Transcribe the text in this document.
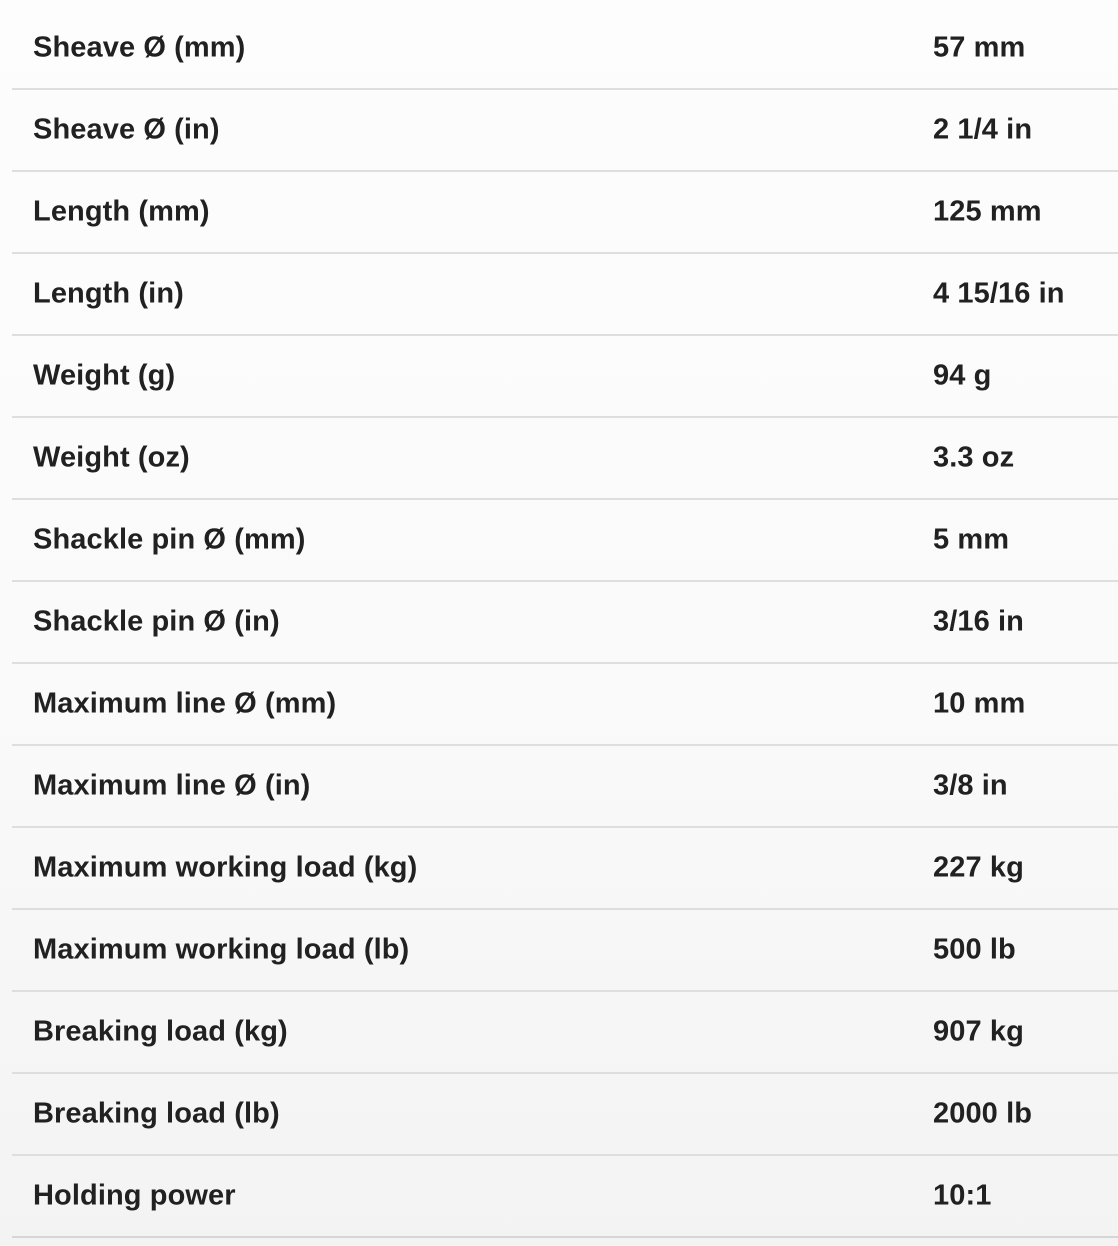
Sheave Ø (mm)	57 mm
Sheave Ø (in)	2 1/4 in
Length (mm)	125 mm
Length (in)	4 15/16 in
Weight (g)	94 g
Weight (oz)	3.3 oz
Shackle pin Ø (mm)	5 mm
Shackle pin Ø (in)	3/16 in
Maximum line Ø (mm)	10 mm
Maximum line Ø (in)	3/8 in
Maximum working load (kg)	227 kg
Maximum working load (lb)	500 lb
Breaking load (kg)	907 kg
Breaking load (lb)	2000 lb
Holding power	10:1
